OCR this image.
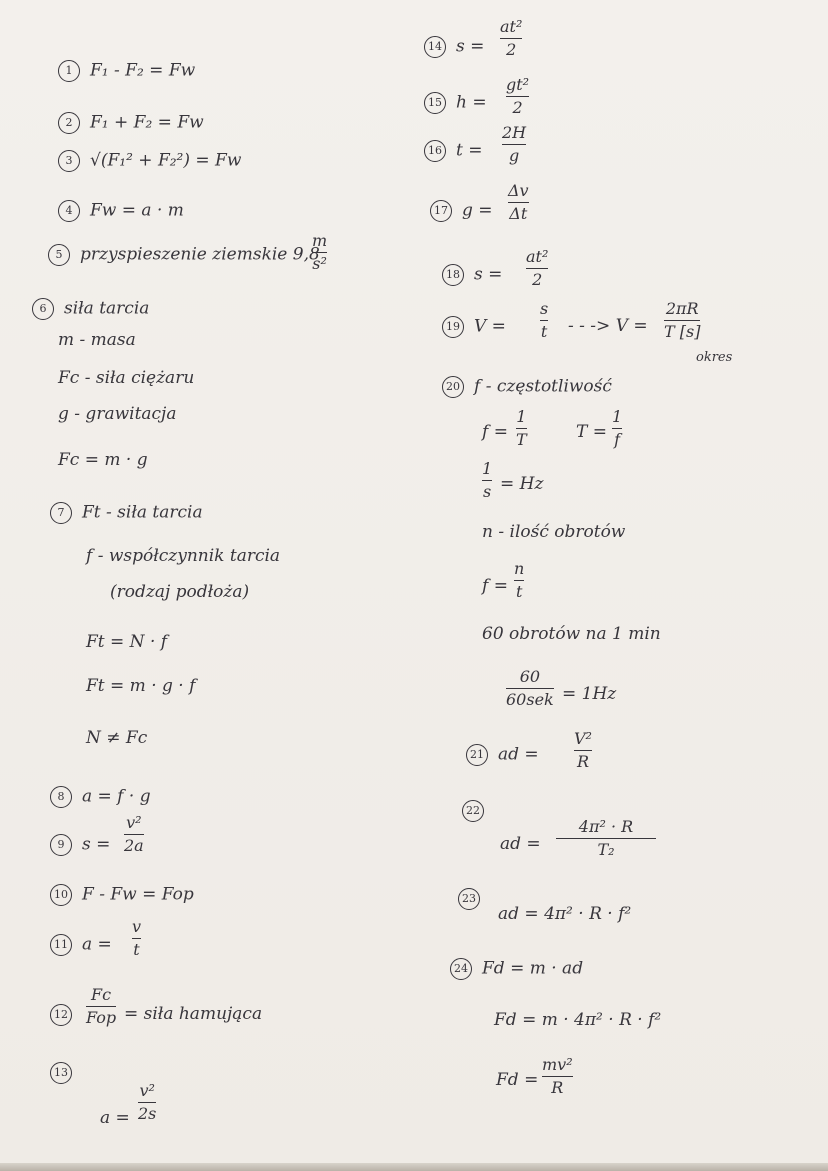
1 F₁ - F₂ = Fw
2 F₁ + F₂ = Fw
3 √(F₁² + F₂²) = Fw
4 Fw = a · m
5 przyspieszenie ziemskie 9,8
m
s²
6 siła tarcia
m - masa
Fc - siła ciężaru
g - grawitacja
Fc = m · g
7 Ft - siła tarcia
f - współczynnik tarcia
(rodzaj podłoża)
Ft = N · f
Ft = m · g · f
N ≠ Fc
8 a = f · g
9 s =
v²
2a
10 F - Fw = Fop
11 a =
v
t
12
Fc
Fop = siła hamująca
13
a =
v²
2s
14 s =
at²
2
15 h =
gt²
2
16 t =
2H
g
17 g =
Δv
Δt
18 s =
at²
2
19 V =
s
t - - -> V =
2πR
T [s]
okres
20 f - częstotliwość
f =
1
T	T =
1
f
1
s = Hz
n - ilość obrotów
f =
n
t
60 obrotów na 1 min
60
60sek = 1Hz
21 ad =
V²
R
22
ad =
4π² · R
T₂
23
ad = 4π² · R · f²
24 Fd = m · ad
Fd = m · 4π² · R · f²
Fd =
mv²
R
